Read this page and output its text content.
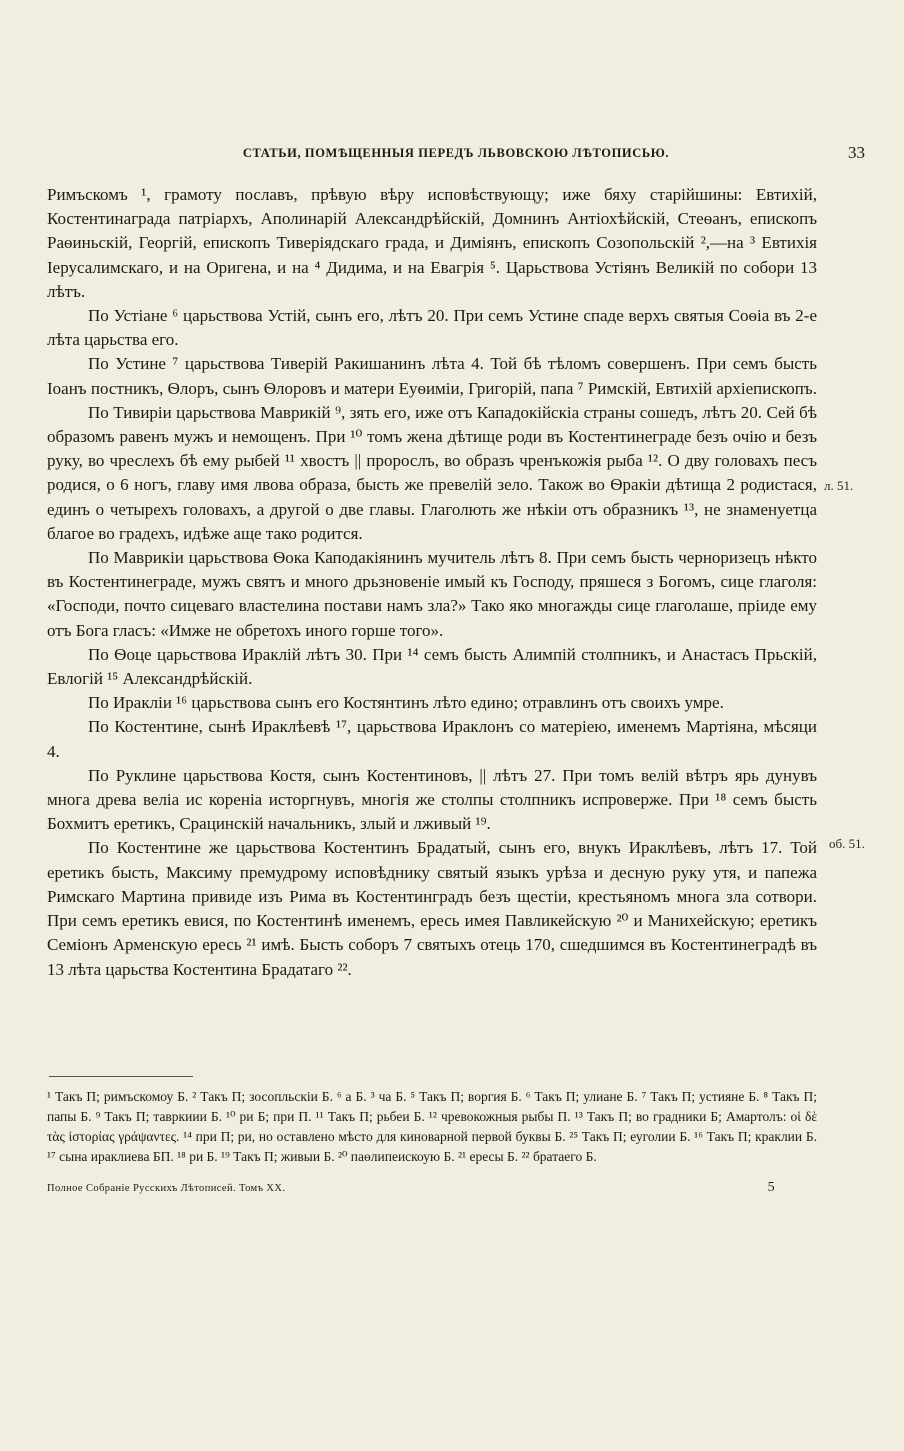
СТАТЬИ, ПОМѢЩЕННЫЯ ПЕРЕДЪ ЛЬВОВСКОЮ ЛѢТОПИСЬЮ.	33

Римъскомъ ¹, грамоту пославъ, прѣвую вѣру исповѣствующу; иже бяху старійшины: Евтихій, Костентинаграда патріархъ, Аполинарій Александрѣйскій, Домнинъ Антіохѣйскій, Стеѳанъ, епископъ Раѳиньскій, Георгій, епископъ Тиверіядскаго града, и Диміянъ, епископъ Созопольскій ²,—на ³ Евтихія Іерусалимскаго, и на Оригена, и на ⁴ Дидима, и на Евагрія ⁵. Царьствова Устіянъ Великій по собори 13 лѣтъ.

По Устіане ⁶ царьствова Устій, сынъ его, лѣтъ 20. При семъ Устине спаде верхъ святыя Соѳіа въ 2-е лѣта царьства его.

По Устине ⁷ царьствова Тиверій Ракишанинъ лѣта 4. Той бѣ тѣломъ совершенъ. При семъ бысть Іоанъ постникъ, Ѳлоръ, сынъ Ѳлоровъ и матери Еуѳиміи, Григорій, папа ⁷ Римскій, Евтихій архіепископъ.

По Тивиріи царьствова Маврикій ⁹, зять его, иже отъ Кападокійскіа страны сошедъ, лѣтъ 20. Сей бѣ образомъ равенъ мужъ и немощенъ. При ¹⁰ томъ жена дѣтище роди въ Костентинеграде безъ очію и безъ руку, во чреслехъ бѣ ему рыбей ¹¹ хвостъ || пророслъ, во образъ чренъкожія рыба ¹². О дву головахъ песъ родися, о 6 ногъ, главу имя лвова образа, бысть же превелій зело. Також во Ѳракіи дѣтища 2 родистася, единъ о четырехъ головахъ, а другой о две главы. Глаголють же нѣкіи отъ образникъ ¹³, не знаменуетца благое во градехъ, идѣже аще тако родится.

По Маврикіи царьствова Ѳока Каподакіянинъ мучитель лѣтъ 8. При семъ бысть черноризецъ нѣкто въ Костентинеграде, мужъ святъ и много дрьзновеніе имый къ Господу, пряшеся з Богомъ, сице глаголя: «Господи, почто сицеваго властелина постави намъ зла?» Тако яко многажды сице глаголаше, пріиде ему отъ Бога гласъ: «Имже не обретохъ иного горше того».

По Ѳоце царьствова Ираклій лѣтъ 30. При ¹⁴ семъ бысть Алимпій столпникъ, и Анастасъ Прьскій, Евлогій ¹⁵ Александрѣйскій.

По Иракліи ¹⁶ царьствова сынъ его Костянтинъ лѣто едино; отравлинъ отъ своихъ умре.

По Костентине, сынѣ Ираклѣевѣ ¹⁷, царьствова Ираклонъ со матеріею, именемъ Мартіяна, мѣсяци 4.

По Руклине царьствова Костя, сынъ Костентиновъ, || лѣтъ 27. При томъ велій вѣтръ ярь дунувъ многа древа веліа ис кореніа исторгнувъ, многія же столпы столпникъ испроверже. При ¹⁸ семъ бысть Бохмитъ еретикъ, Срацинскій начальникъ, злый и лживый ¹⁹.

По Костентине же царьствова Костентинъ Брадатый, сынъ его, внукъ Ираклѣевъ, лѣтъ 17. Той еретикъ бысть, Максиму премудрому исповѣднику святый языкъ урѣза и десную руку утя, и папежа Римскаго Мартина привиде изъ Рима въ Костентинградъ безъ щестіи, крестьяномъ многа зла сотвори. При семъ еретикъ евися, по Костентинѣ именемъ, ересь имея Павликейскую ²⁰ и Манихейскую; еретикъ Семіонъ Арменскую ересь ²¹ имѣ. Бысть соборъ 7 святыхъ отець 170, сшедшимся въ Костентинеградѣ въ 13 лѣта царьства Костентина Брадатаго ²².

л. 51.
об. 51.

¹ Такъ П; римъскомоу Б. ² Такъ П; зосопльскіи Б. ⁶ а Б. ³ ча Б. ⁵ Такъ П; воргия Б. ⁶ Такъ П; улиане Б. ⁷ Такъ П; устияне Б. ⁸ Такъ П; папы Б. ⁹ Такъ П; тавркиии Б. ¹⁰ ри Б; при П. ¹¹ Такъ П; рьбеи Б. ¹² чревокожныя рыбы П. ¹³ Такъ П; во градники Б; Амартолъ: οἱ δὲ τὰς ἱστορίας γράψαντες. ¹⁴ при П; ри, но оставлено мѣсто для киноварной первой буквы Б. ²⁵ Такъ П; еуголии Б. ¹⁶ Такъ П; краклии Б. ¹⁷ сына ираклиева БП. ¹⁸ ри Б. ¹⁹ Такъ П; живыи Б. ²⁰ паѳлипеискоую Б. ²¹ ересы Б. ²² братаего Б.

Полное Собраніе Русскихъ Лѣтописей. Томъ XX.	5
